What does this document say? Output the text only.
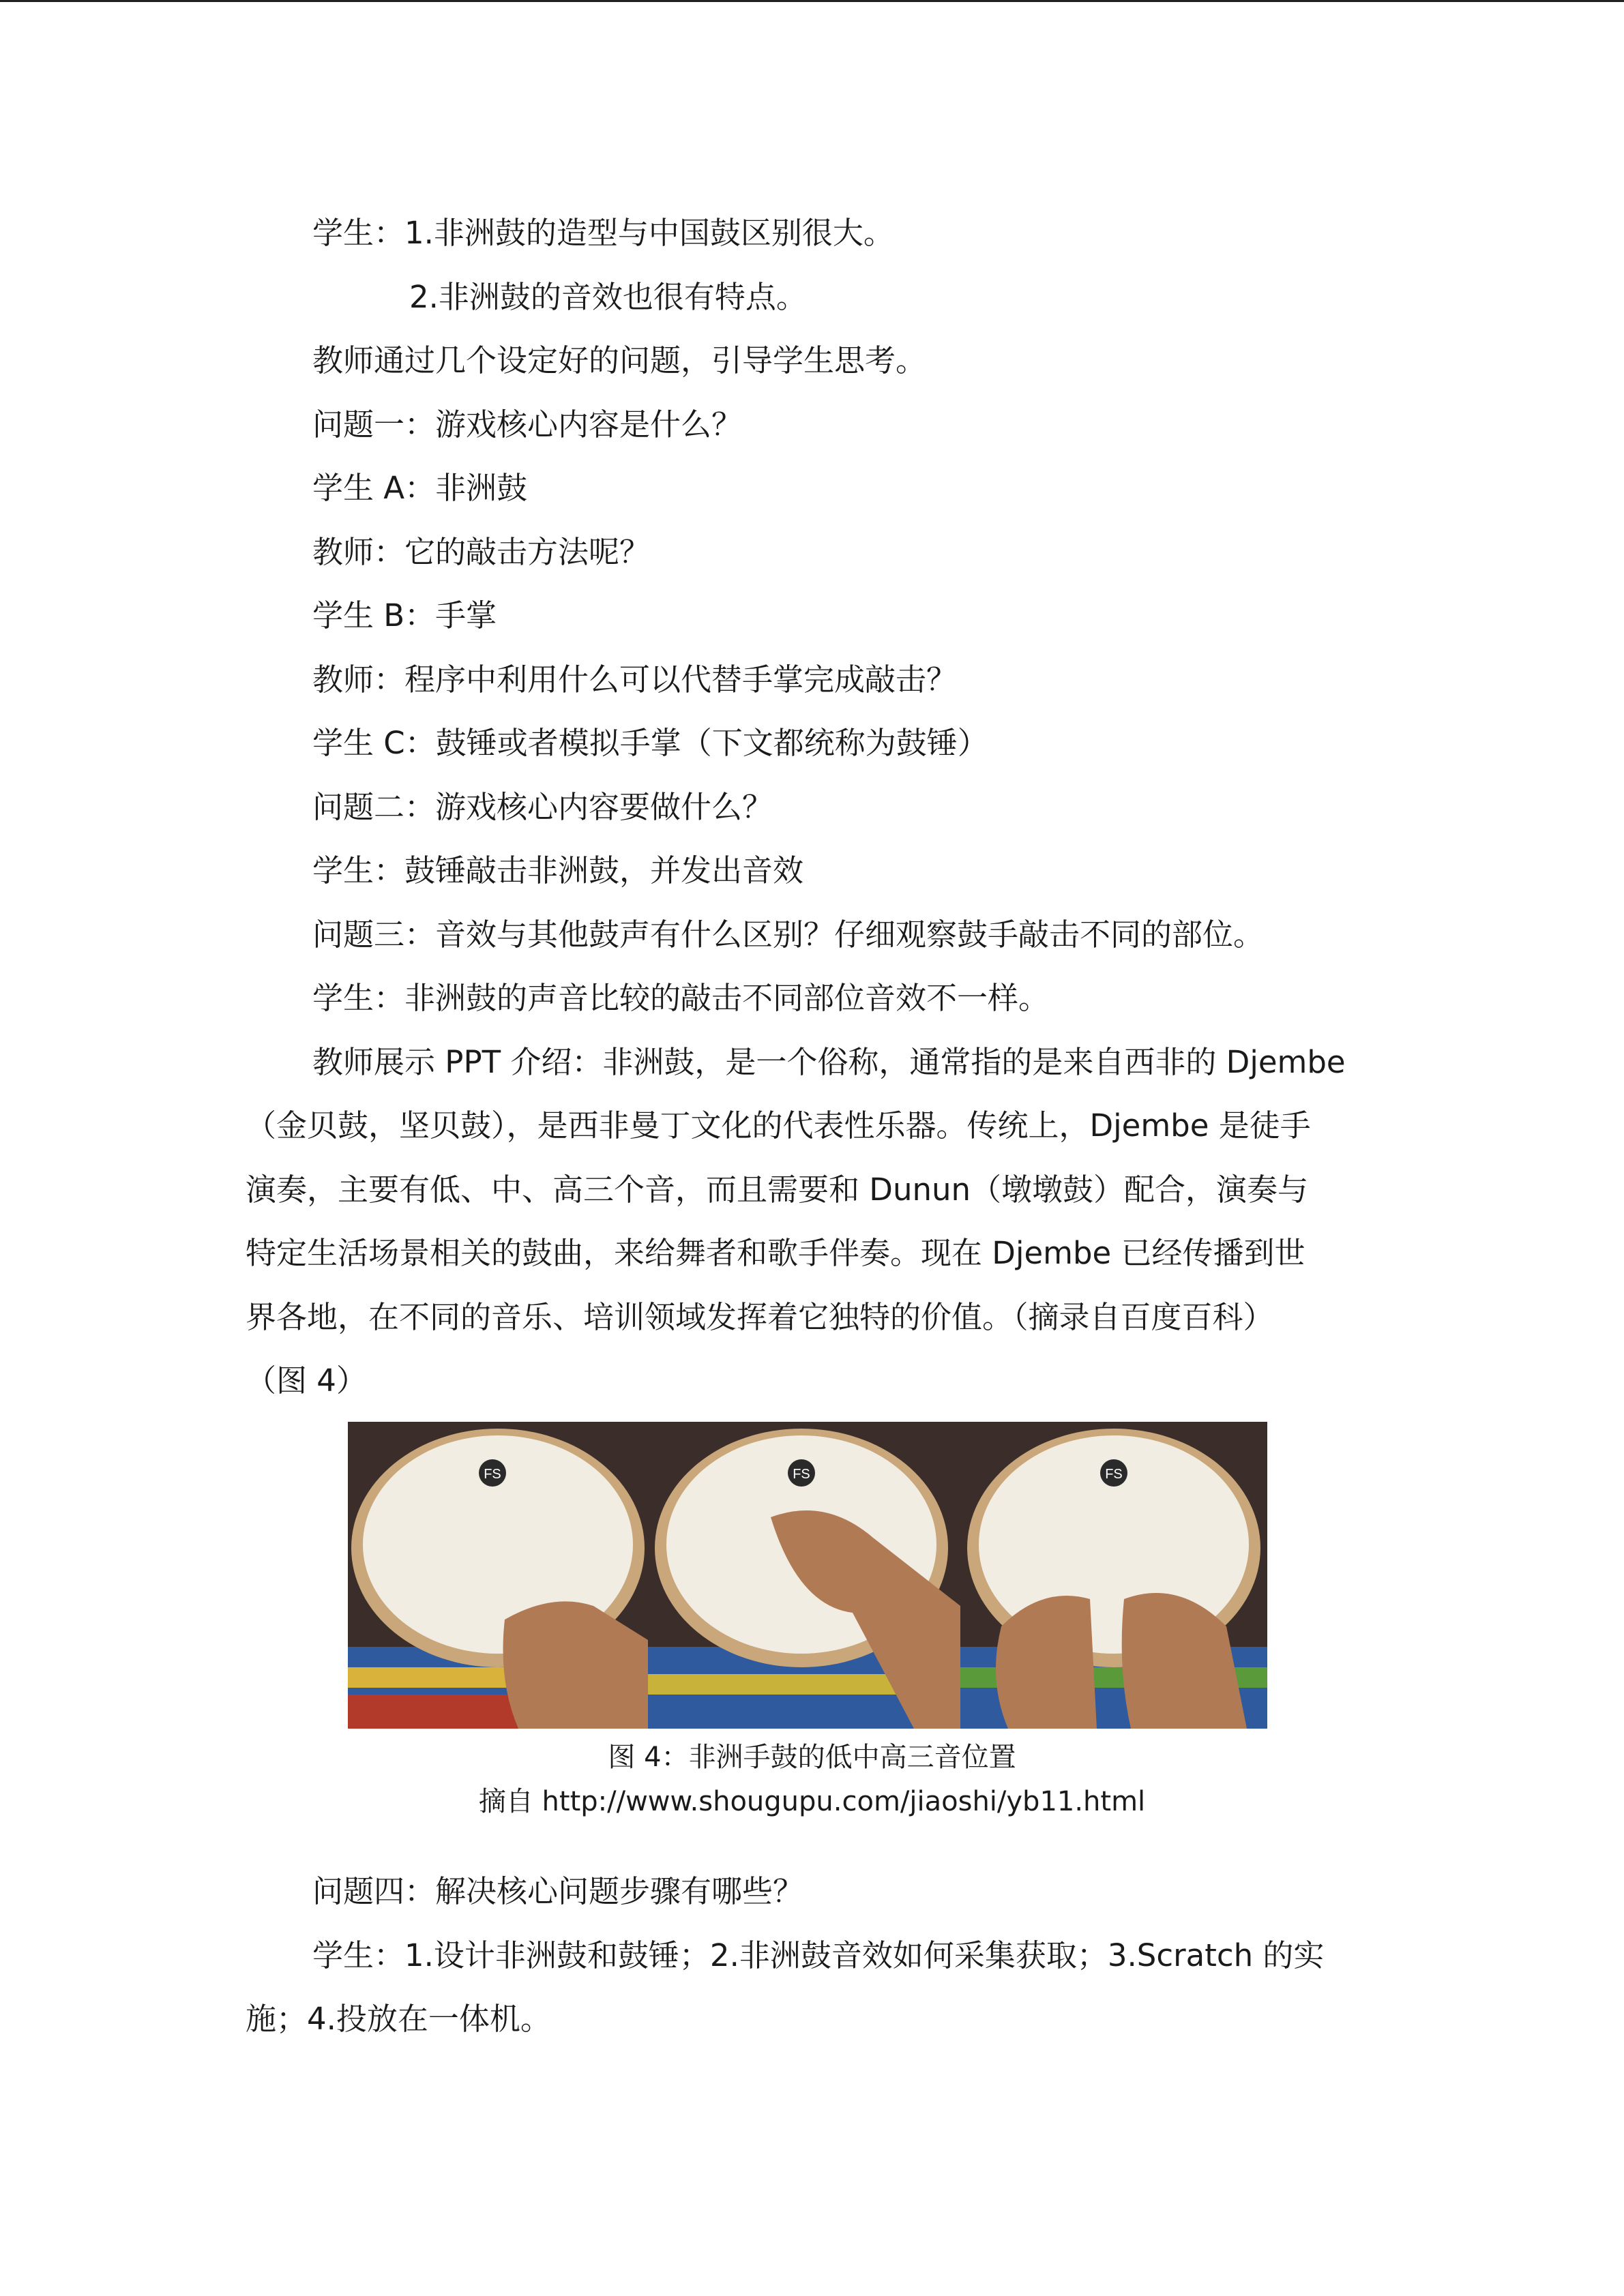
学生：1.非洲鼓的造型与中国鼓区别很大。

2.非洲鼓的音效也很有特点。

教师通过几个设定好的问题，引导学生思考。

问题一：游戏核心内容是什么？

学生 A：非洲鼓

教师：它的敲击方法呢？

学生 B：手掌

教师：程序中利用什么可以代替手掌完成敲击？

学生 C：鼓锤或者模拟手掌（下文都统称为鼓锤）

问题二：游戏核心内容要做什么？

学生：鼓锤敲击非洲鼓，并发出音效

问题三：音效与其他鼓声有什么区别？仔细观察鼓手敲击不同的部位。

学生：非洲鼓的声音比较的敲击不同部位音效不一样。

教师展示 PPT 介绍：非洲鼓，是一个俗称，通常指的是来自西非的 Djembe
（金贝鼓，坚贝鼓），是西非曼丁文化的代表性乐器。传统上，Djembe 是徒手
演奏，主要有低、中、高三个音，而且需要和 Dunun（墩墩鼓）配合，演奏与
特定生活场景相关的鼓曲，来给舞者和歌手伴奏。现在 Djembe 已经传播到世
界各地，在不同的音乐、培训领域发挥着它独特的价值。（摘录自百度百科）
（图 4）

FS	FS	FS
图 4：非洲手鼓的低中高三音位置
摘自 http://www.shougupu.com/jiaoshi/yb11.html

问题四：解决核心问题步骤有哪些？

学生：1.设计非洲鼓和鼓锤；2.非洲鼓音效如何采集获取；3.Scratch 的实

施；4.投放在一体机。
